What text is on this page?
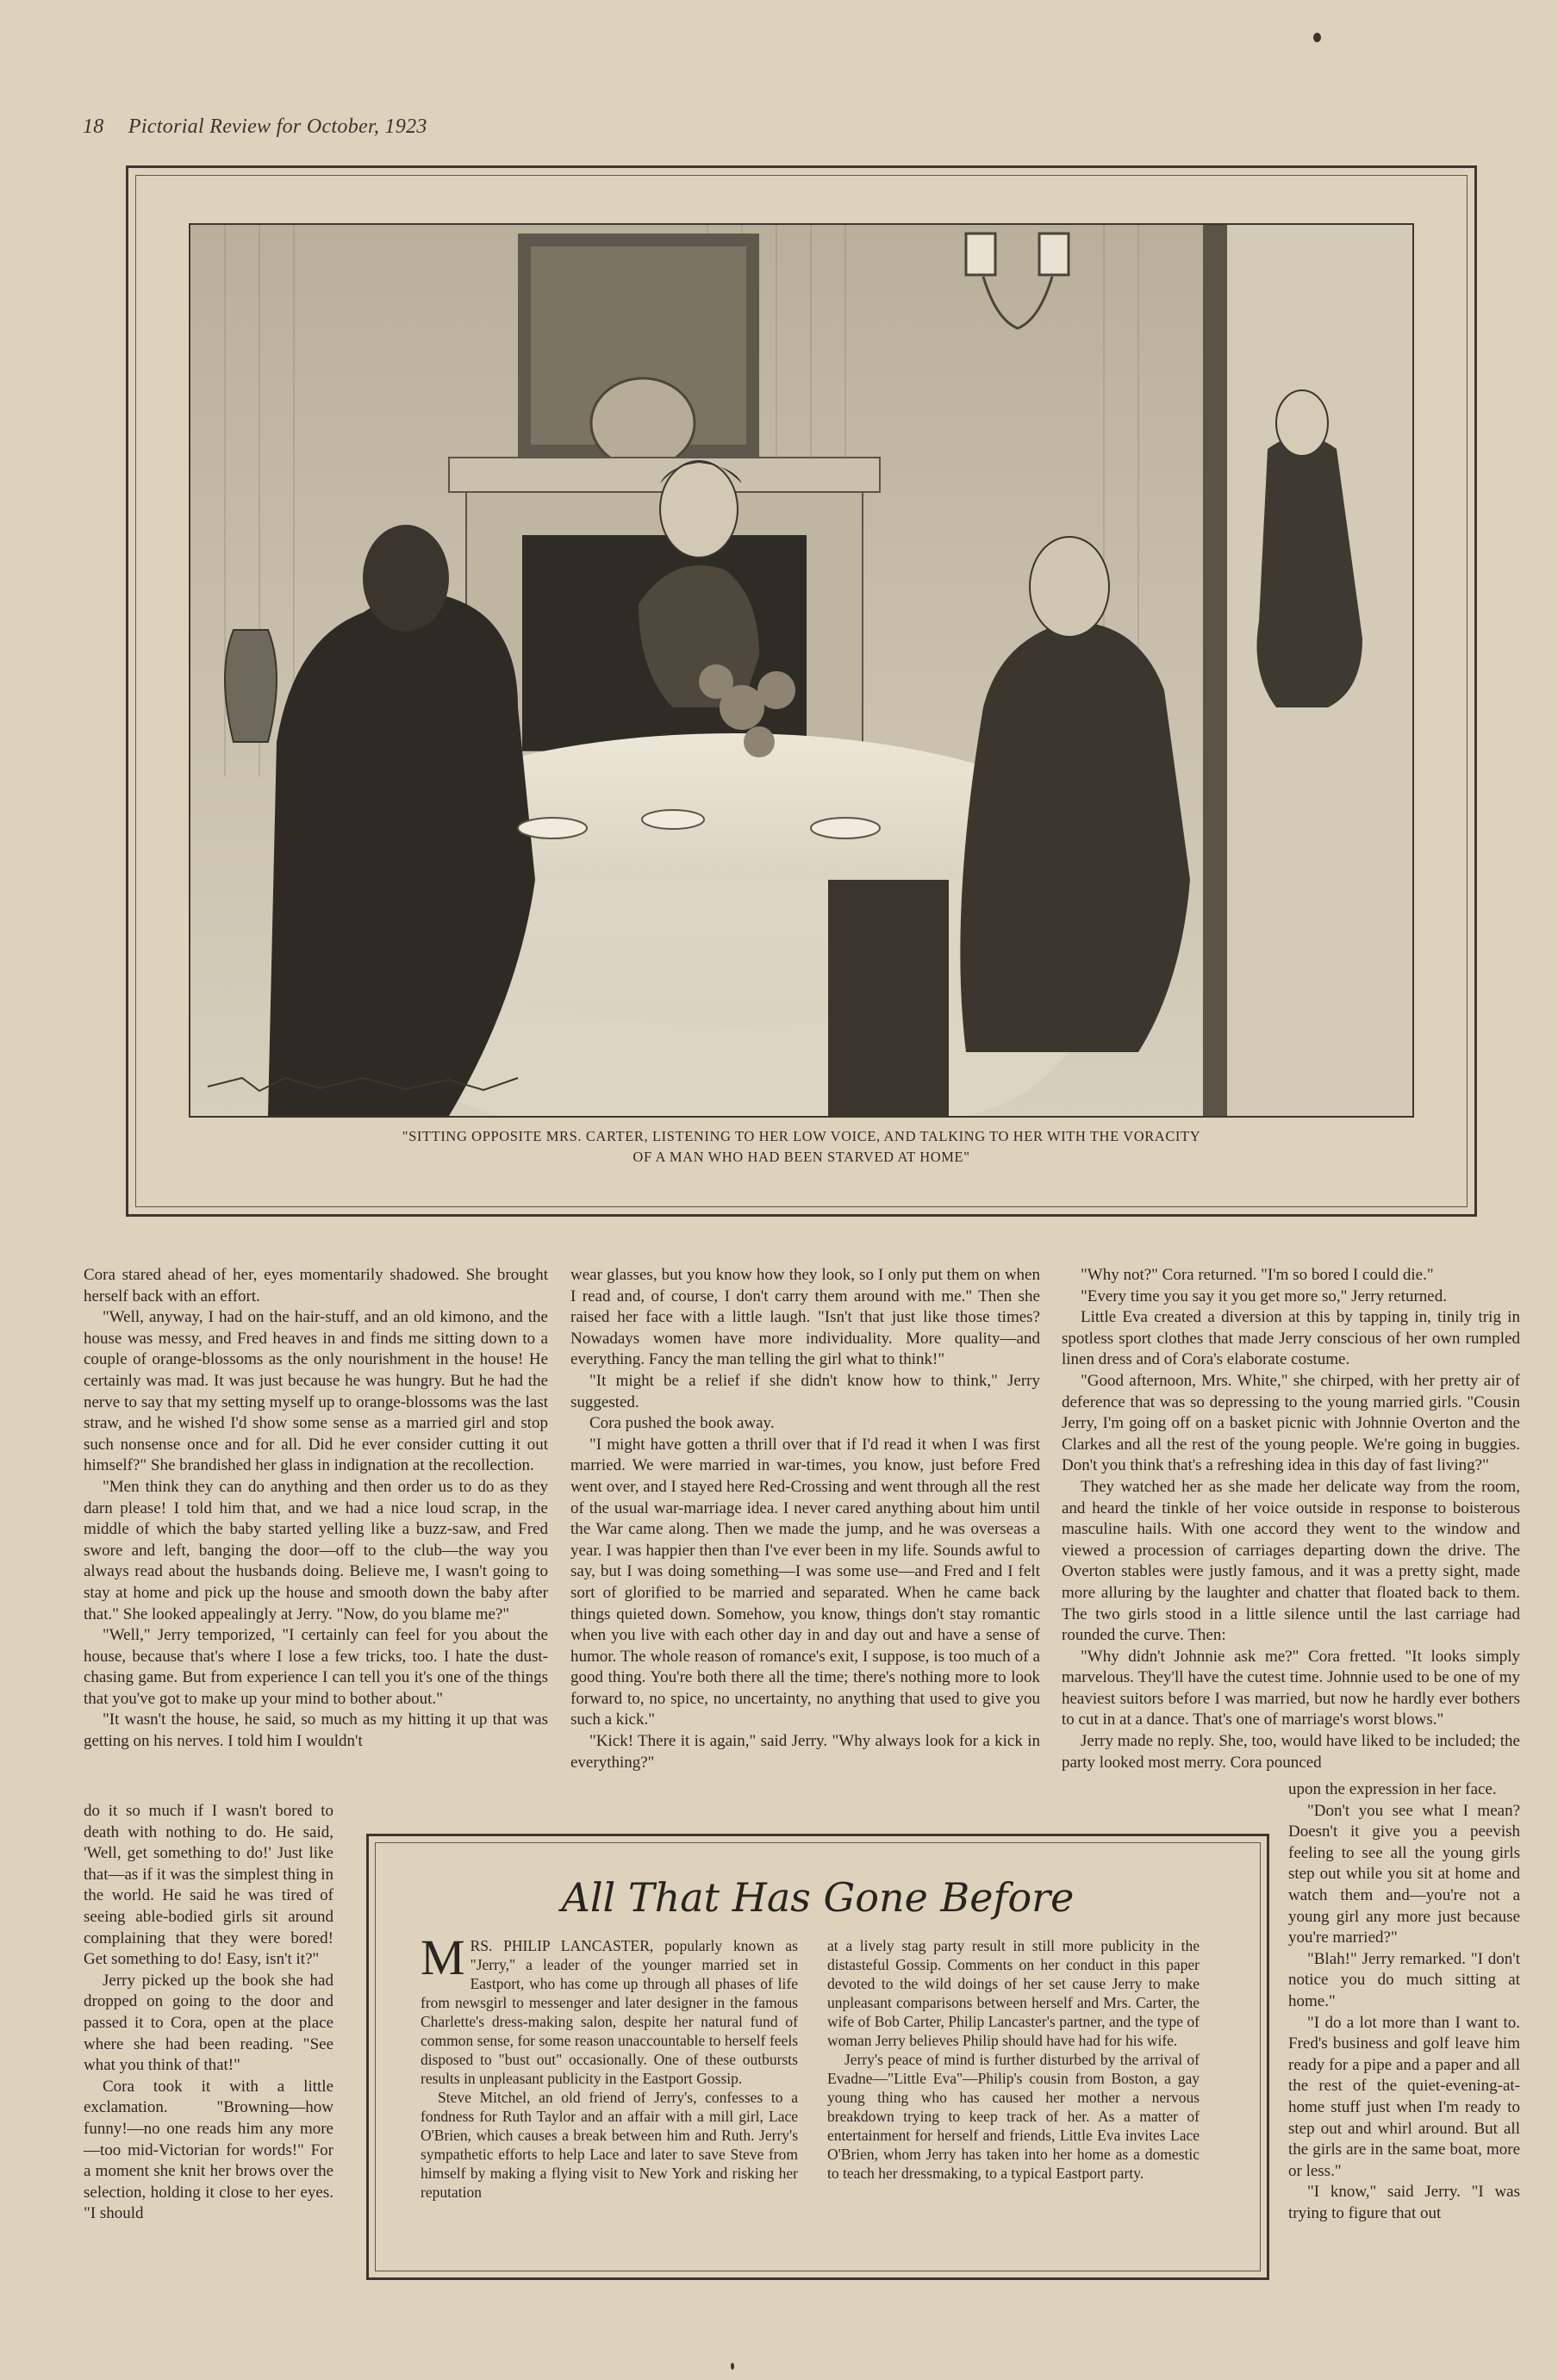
18 Pictorial Review for October, 1923
"SITTING OPPOSITE MRS. CARTER, LISTENING TO HER LOW VOICE, AND TALKING TO HER WITH THE VORACITY
OF A MAN WHO HAD BEEN STARVED AT HOME"

Cora stared ahead of her, eyes momentarily shadowed. She brought herself back with an effort.

"Well, anyway, I had on the hair-stuff, and an old kimono, and the house was messy, and Fred heaves in and finds me sitting down to a couple of orange-blossoms as the only nourishment in the house! He certainly was mad. It was just because he was hungry. But he had the nerve to say that my setting myself up to orange-blossoms was the last straw, and he wished I'd show some sense as a married girl and stop such nonsense once and for all. Did he ever consider cutting it out himself?" She brandished her glass in indignation at the recollection.

"Men think they can do anything and then order us to do as they darn please! I told him that, and we had a nice loud scrap, in the middle of which the baby started yelling like a buzz-saw, and Fred swore and left, banging the door—off to the club—the way you always read about the husbands doing. Believe me, I wasn't going to stay at home and pick up the house and smooth down the baby after that." She looked appealingly at Jerry. "Now, do you blame me?"

"Well," Jerry temporized, "I certainly can feel for you about the house, because that's where I lose a few tricks, too. I hate the dust-chasing game. But from experience I can tell you it's one of the things that you've got to make up your mind to bother about."

"It wasn't the house, he said, so much as my hitting it up that was getting on his nerves. I told him I wouldn't

do it so much if I wasn't bored to death with nothing to do. He said, 'Well, get something to do!' Just like that—as if it was the simplest thing in the world. He said he was tired of seeing able-bodied girls sit around complaining that they were bored! Get something to do! Easy, isn't it?"

Jerry picked up the book she had dropped on going to the door and passed it to Cora, open at the place where she had been reading. "See what you think of that!"

Cora took it with a little exclamation. "Browning—how funny!—no one reads him any more—too mid-Victorian for words!" For a moment she knit her brows over the selection, holding it close to her eyes. "I should

wear glasses, but you know how they look, so I only put them on when I read and, of course, I don't carry them around with me." Then she raised her face with a little laugh. "Isn't that just like those times? Nowadays women have more individuality. More quality—and everything. Fancy the man telling the girl what to think!"

"It might be a relief if she didn't know how to think," Jerry suggested.

Cora pushed the book away.

"I might have gotten a thrill over that if I'd read it when I was first married. We were married in war-times, you know, just before Fred went over, and I stayed here Red-Crossing and went through all the rest of the usual war-marriage idea. I never cared anything about him until the War came along. Then we made the jump, and he was overseas a year. I was happier then than I've ever been in my life. Sounds awful to say, but I was doing something—I was some use—and Fred and I felt sort of glorified to be married and separated. When he came back things quieted down. Somehow, you know, things don't stay romantic when you live with each other day in and day out and have a sense of humor. The whole reason of romance's exit, I suppose, is too much of a good thing. You're both there all the time; there's nothing more to look forward to, no spice, no uncertainty, no anything that used to give you such a kick."

"Kick! There it is again," said Jerry. "Why always look for a kick in everything?"

"Why not?" Cora returned. "I'm so bored I could die."

"Every time you say it you get more so," Jerry returned.

Little Eva created a diversion at this by tapping in, tinily trig in spotless sport clothes that made Jerry conscious of her own rumpled linen dress and of Cora's elaborate costume.

"Good afternoon, Mrs. White," she chirped, with her pretty air of deference that was so depressing to the young married girls. "Cousin Jerry, I'm going off on a basket picnic with Johnnie Overton and the Clarkes and all the rest of the young people. We're going in buggies. Don't you think that's a refreshing idea in this day of fast living?"

They watched her as she made her delicate way from the room, and heard the tinkle of her voice outside in response to boisterous masculine hails. With one accord they went to the window and viewed a procession of carriages departing down the drive. The Overton stables were justly famous, and it was a pretty sight, made more alluring by the laughter and chatter that floated back to them. The two girls stood in a little silence until the last carriage had rounded the curve. Then:

"Why didn't Johnnie ask me?" Cora fretted. "It looks simply marvelous. They'll have the cutest time. Johnnie used to be one of my heaviest suitors before I was married, but now he hardly ever bothers to cut in at a dance. That's one of marriage's worst blows."

Jerry made no reply. She, too, would have liked to be included; the party looked most merry. Cora pounced

upon the expression in her face.

"Don't you see what I mean? Doesn't it give you a peevish feeling to see all the young girls step out while you sit at home and watch them and—you're not a young girl any more just because you're married?"

"Blah!" Jerry remarked. "I don't notice you do much sitting at home."

"I do a lot more than I want to. Fred's business and golf leave him ready for a pipe and a paper and all the rest of the quiet-evening-at-home stuff just when I'm ready to step out and whirl around. But all the girls are in the same boat, more or less."

"I know," said Jerry. "I was trying to figure that out

All That Has Gone Before

MRS. PHILIP LANCASTER, popularly known as "Jerry," a leader of the younger married set in Eastport, who has come up through all phases of life from newsgirl to messenger and later designer in the famous Charlette's dress-making salon, despite her natural fund of common sense, for some reason unaccountable to herself feels disposed to "bust out" occasionally. One of these outbursts results in unpleasant publicity in the Eastport Gossip.

Steve Mitchel, an old friend of Jerry's, confesses to a fondness for Ruth Taylor and an affair with a mill girl, Lace O'Brien, which causes a break between him and Ruth. Jerry's sympathetic efforts to help Lace and later to save Steve from himself by making a flying visit to New York and risking her reputation

at a lively stag party result in still more publicity in the distasteful Gossip. Comments on her conduct in this paper devoted to the wild doings of her set cause Jerry to make unpleasant comparisons between herself and Mrs. Carter, the wife of Bob Carter, Philip Lancaster's partner, and the type of woman Jerry believes Philip should have had for his wife.

Jerry's peace of mind is further disturbed by the arrival of Evadne—"Little Eva"—Philip's cousin from Boston, a gay young thing who has caused her mother a nervous breakdown trying to keep track of her. As a matter of entertainment for herself and friends, Little Eva invites Lace O'Brien, whom Jerry has taken into her home as a domestic to teach her dressmaking, to a typical Eastport party.
